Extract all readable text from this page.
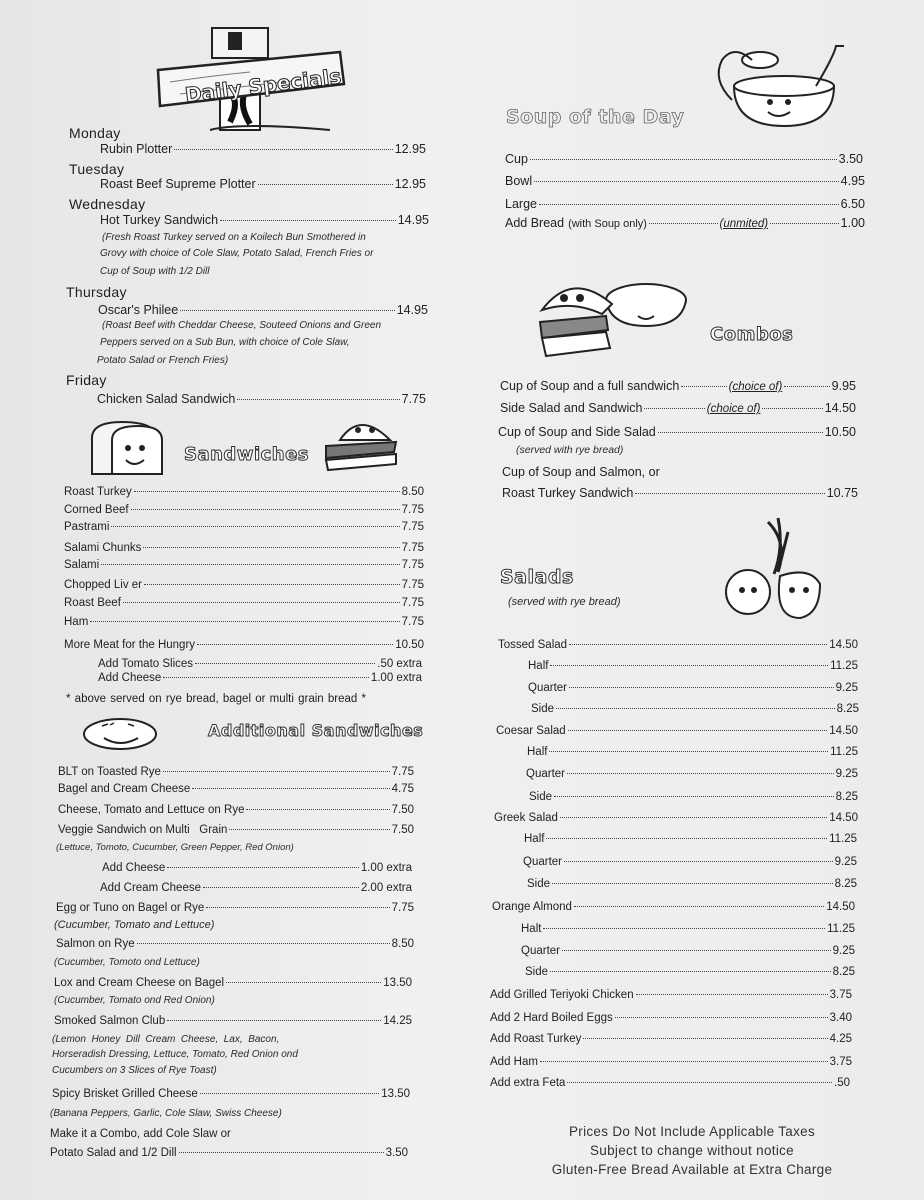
Daily Specials
Sandwiches
Additional Sandwiches
Soup of the Day
Combos
Salads
Monday
Rubin Plotter	12.95
Tuesday
Roast Beef Supreme Plotter	12.95
Wednesday
Hot Turkey Sandwich	14.95
(Fresh Roast Turkey served on a Koilech Bun Smothered in
Grovy with choice of Cole Slaw, Potato Salad, French Fries or
Cup of Soup with 1/2 Dill
Thursday
Oscar's Philee	14.95
(Roast Beef with Cheddar Cheese, Souteed Onions and Green
Peppers served on a Sub Bun, with choice of Cole Slaw,
Potato Salad or French Fries)
Friday
Chicken Salad Sandwich	7.75
Roast Turkey	8.50
Corned Beef	7.75
Pastrami	7.75
Salami Chunks	7.75
Salami	7.75
Chopped Liv er	7.75
Roast Beef	7.75
Ham	7.75
More Meat for the Hungry	10.50
Add Tomato Slices	.50 extra
Add Cheese	1.00 extra
* above served on rye bread, bagel or multi grain bread *
BLT on Toasted Rye	7.75
Bagel and Cream Cheese	4.75
Cheese, Tomato and Lettuce on Rye	7.50
Veggie Sandwich on Multi   Grain	7.50
(Lettuce, Tomoto, Cucumber, Green Pepper, Red Onion)
Add Cheese	1.00 extra
Add Cream Cheese	2.00 extra
Egg or Tuno on Bagel or Rye	7.75
(Cucumber, Tomato and Lettuce)
Salmon on Rye	8.50
(Cucumber, Tomoto ond Lettuce)
Lox and Cream Cheese on Bagel	13.50
(Cucumber, Tomato ond Red Onion)
Smoked Salmon Club	14.25
(Lemon  Honey  Dill  Cream  Cheese,  Lax,  Bacon,
Horseradish Dressing, Lettuce, Tomato, Red Onion ond
Cucumbers on 3 Slices of Rye Toast)
Spicy Brisket Grilled Cheese	13.50
(Banana Peppers, Garlic, Cole Slaw, Swiss Cheese)
Make it a Combo, add Cole Slaw or
Potato Salad and 1/2 Dill	3.50
Cup	3.50
Bowl	4.95
Large	6.50
Add Bread (with Soup only)	(unmited)	1.00
Cup of Soup and a full sandwich	(choice of)	9.95
Side Salad and Sandwich	(choice of)	14.50
Cup of Soup and Side Salad	10.50
(served with rye bread)
Cup of Soup and Salmon, or
Roast Turkey Sandwich	10.75
(served with rye bread)
Tossed Salad	14.50
Half	11.25
Quarter	9.25
Side	8.25
Coesar Salad	14.50
Half	11.25
Quarter	9.25
Side	8.25
Greek Salad	14.50
Half	11.25
Quarter	9.25
Side	8.25
Orange Almond	14.50
Halt	11.25
Quarter	9.25
Side	8.25
Add Grilled Teriyoki Chicken	3.75
Add 2 Hard Boiled Eggs	3.40
Add Roast Turkey	4.25
Add Ham	3.75
Add extra Feta	.50
Prices Do Not Include Applicable Taxes
Subject to change without notice
Gluten-Free Bread Available at Extra Charge
